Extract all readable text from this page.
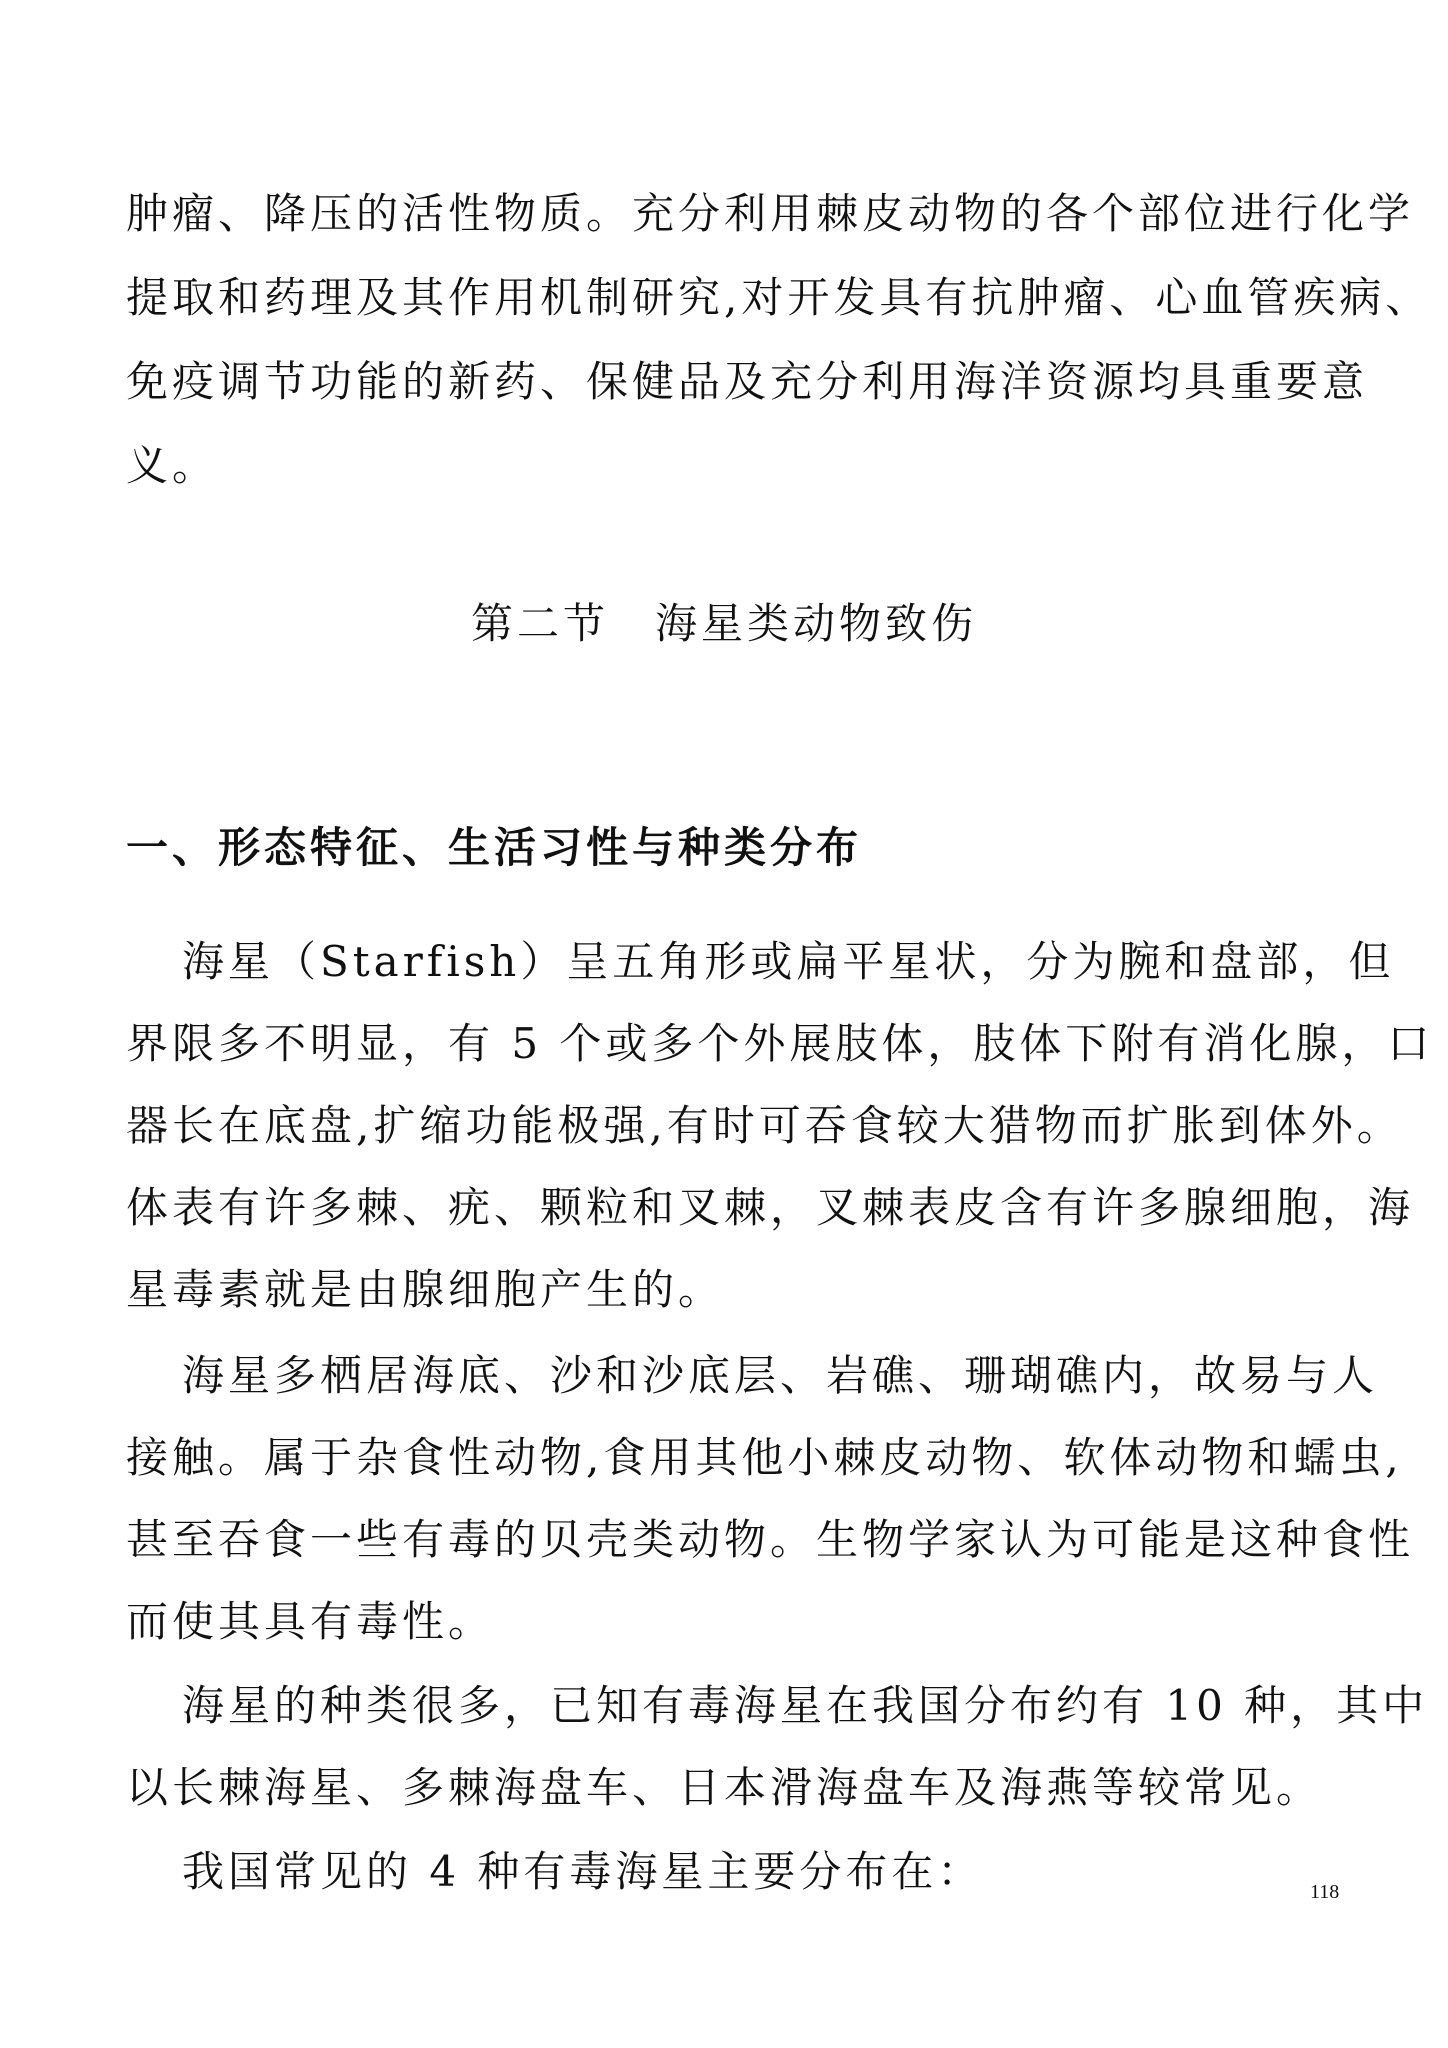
肿瘤、降压的活性物质。充分利用棘皮动物的各个部位进行化学
提取和药理及其作用机制研究,对开发具有抗肿瘤、心血管疾病、
免疫调节功能的新药、保健品及充分利用海洋资源均具重要意
义。
第二节　海星类动物致伤
一、形态特征、生活习性与种类分布
海星（Starfish）呈五角形或扁平星状，分为腕和盘部，但
界限多不明显，有 5 个或多个外展肢体，肢体下附有消化腺，口
器长在底盘,扩缩功能极强,有时可吞食较大猎物而扩胀到体外。
体表有许多棘、疣、颗粒和叉棘，叉棘表皮含有许多腺细胞，海
星毒素就是由腺细胞产生的。
海星多栖居海底、沙和沙底层、岩礁、珊瑚礁内，故易与人
接触。属于杂食性动物,食用其他小棘皮动物、软体动物和蠕虫,
甚至吞食一些有毒的贝壳类动物。生物学家认为可能是这种食性
而使其具有毒性。
海星的种类很多，已知有毒海星在我国分布约有 10 种，其中
以长棘海星、多棘海盘车、日本滑海盘车及海燕等较常见。
我国常见的 4 种有毒海星主要分布在：	118
